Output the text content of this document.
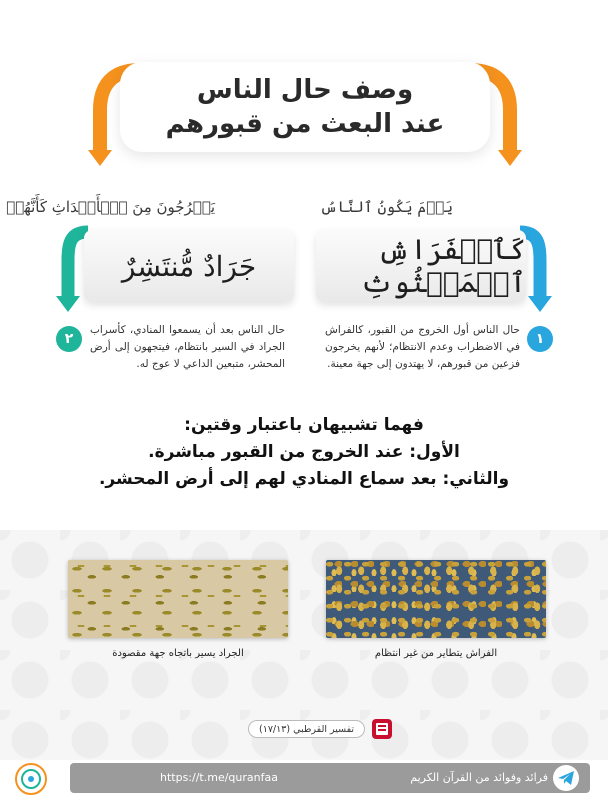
وصف حال الناس
عند البعث من قبورهم
يَوۡمَ يَكُونُ ٱلنَّاسُ
يَخۡرُجُونَ مِنَ ٱلۡأَجۡدَاثِ كَأَنَّهُمۡ
كَٱلۡفَرَاشِ ٱلۡمَبۡثُوثِ
جَرَادٌ مُّنتَشِرٌ
١
٢
حال الناس أول الخروج من القبور، كالفراش في الاضطراب وعدم الانتظام؛ لأنهم يخرجون فزعين من قبورهم، لا يهتدون إلى جهة معينة.
حال الناس بعد أن يسمعوا المنادي، كأسراب الجراد في السير بانتظام، فيتجهون إلى أرض المحشر، متبعين الداعي لا عوج له.
فهما تشبيهان باعتبار وقتين:
الأول: عند الخروج من القبور مباشرة.
والثاني: بعد سماع المنادي لهم إلى أرض المحشر.
الفراش يتطاير من غير انتظام
الجراد يسير باتجاه جهة مقصودة
تفسير القرطبي (١٧/١٣)
فرائد وفوائد من القرآن الكريم
https://t.me/quranfaa
